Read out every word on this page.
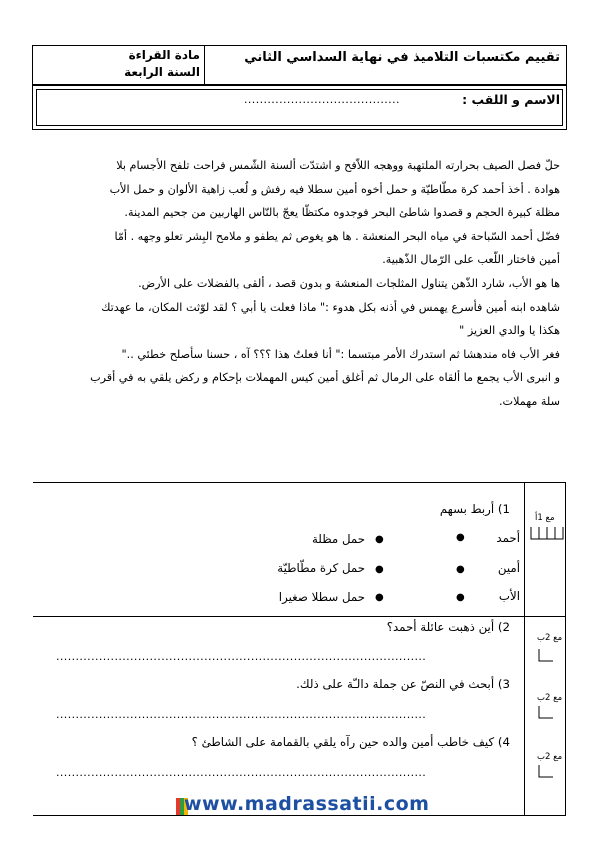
تقييم مكتسبات التلاميذ في نهاية السداسي الثاني
مادة القراءة
السنة الرابعة
الاسم و اللقب :
........................................

حلّ فصل الصيف بحرارته الملتهبة ووهجه اللاّفح و اشتدّت ألسنة الشّمس فراحت تلفح الأجسام بلا

هوادة . أخذ أحمد كرة مطّاطيّة و حمل أخوه أمين سطلا فيه رفش و لُعب زاهية الألوان و حمل الأب

مظلة كبيرة الحجم و قصدوا شاطئ البحر فوجدوه مكتظّا يعجّ بالنّاس الهاربين من جحيم المدينة.

فضّل أحمد السّباحة في مياه البحر المنعشة . ها هو يغوص ثم يطفو و ملامح البِشر تعلو وجهه . أمّا

أمين فاختار اللّعب على الرّمال الذّهبية.

ها هو الأب، شارد الذّهن يتناول المثلجات المنعشة و بدون قصد ، ألقى بالفضلات على الأرض.

شاهده ابنه أمين فأسرع يهمس في أذنه بكل هدوء :" ماذا فعلت يا أبي ؟ لقد لوّثت المكان، ما عهدتك

هكذا يا والدي العزيز "

فغر الأب فاه مندهشا ثم استدرك الأمر مبتسما :" أنا فعلتُ هذا ؟؟؟ آه ، حسنا سأصلح خطئي .."

و انبرى الأب يجمع ما ألقاه على الرمال ثم أغلق أمين كيس المهملات بإحكام و ركض يلقي به في أقرب

سلة مهملات.

1) أربط بسهم
مع 1أ
أحمد
●
أمين
●
الأب
●
●
حمل مظلة
●
حمل كرة مطّاطيّة
●
حمل سطلا صغيرا
2) أين ذهبت عائلة أحمد؟
...............................................................................................
مع 2ب
3) أبحث في النصّ عن جملة دالـّة على ذلك.
...............................................................................................
مع 2ب
4) كيف خاطب أمين والده حين رآه يلقي بالقمامة على الشاطئ ؟
...............................................................................................
مع 2ب
www.madrassatii.com
